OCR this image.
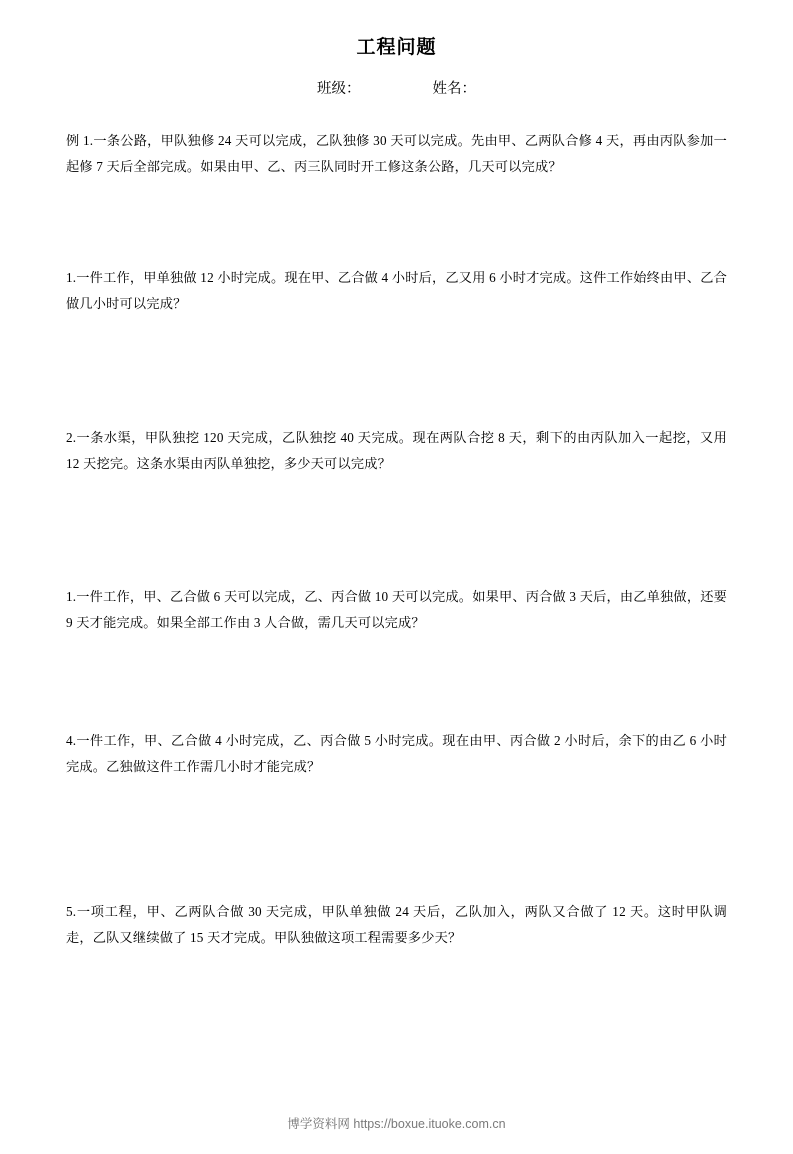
工程问题
班级：	姓名：
例 1.一条公路，甲队独修 24 天可以完成，乙队独修 30 天可以完成。先由甲、乙两队合修 4 天，再由丙队参加一起修 7 天后全部完成。如果由甲、乙、丙三队同时开工修这条公路，几天可以完成？
1.一件工作，甲单独做 12 小时完成。现在甲、乙合做 4 小时后，乙又用 6 小时才完成。这件工作始终由甲、乙合做几小时可以完成？
2.一条水渠，甲队独挖 120 天完成，乙队独挖 40 天完成。现在两队合挖 8 天，剩下的由丙队加入一起挖，又用 12 天挖完。这条水渠由丙队单独挖，多少天可以完成？
1.一件工作，甲、乙合做 6 天可以完成，乙、丙合做 10 天可以完成。如果甲、丙合做 3 天后，由乙单独做，还要 9 天才能完成。如果全部工作由 3 人合做，需几天可以完成？
4.一件工作，甲、乙合做 4 小时完成，乙、丙合做 5 小时完成。现在由甲、丙合做 2 小时后，余下的由乙 6 小时完成。乙独做这件工作需几小时才能完成？
5.一项工程，甲、乙两队合做 30 天完成，甲队单独做 24 天后，乙队加入，两队又合做了 12 天。这时甲队调走，乙队又继续做了 15 天才完成。甲队独做这项工程需要多少天？
博学资料网 https://boxue.ituoke.com.cn
